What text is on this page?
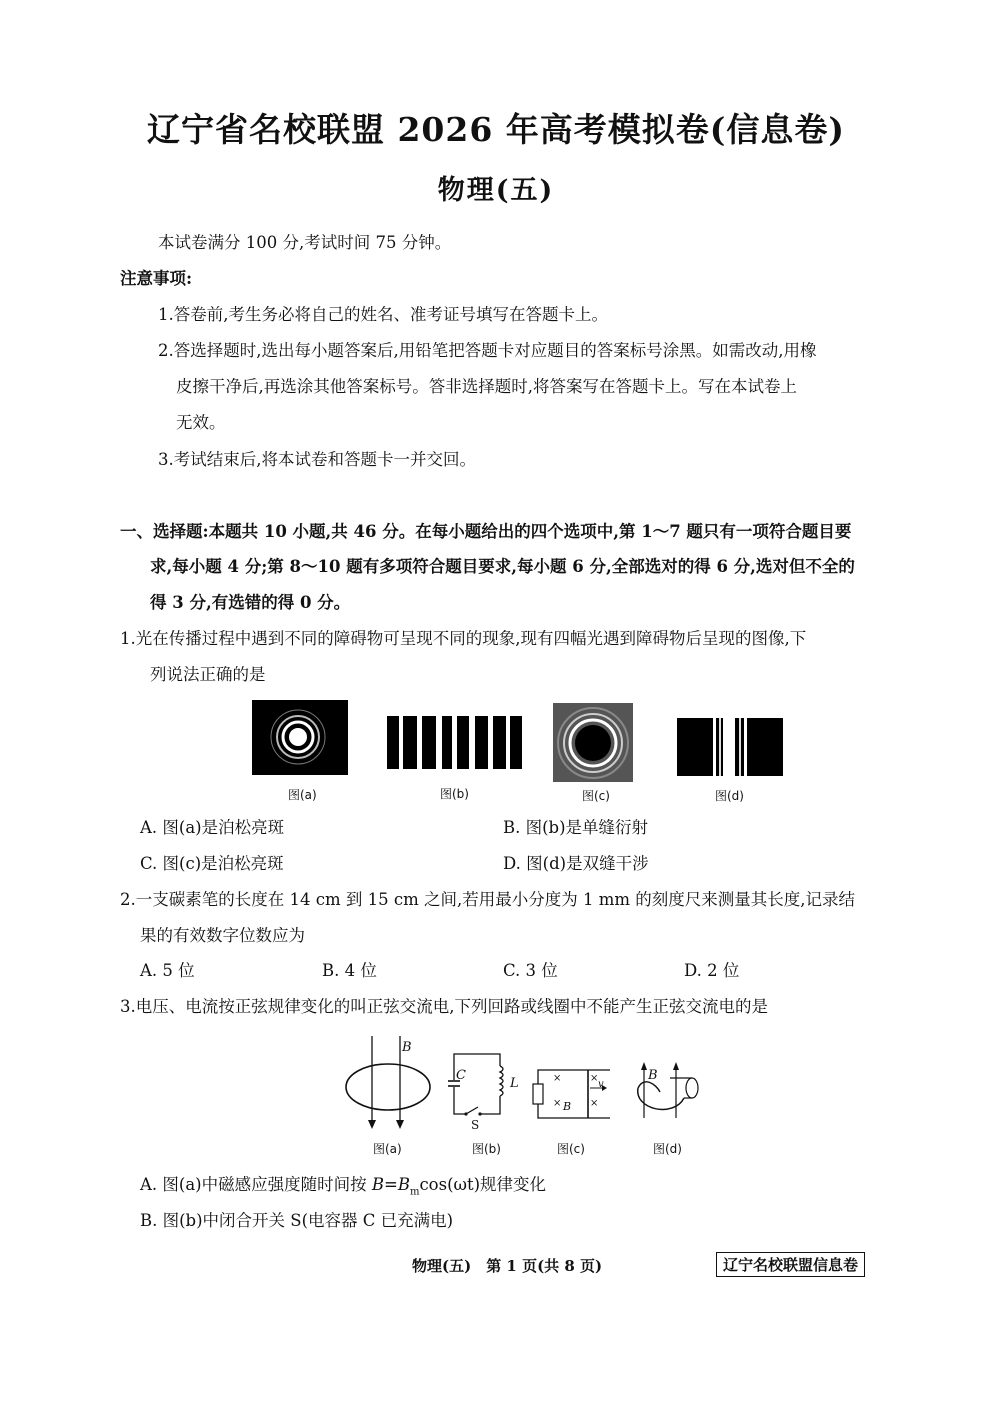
辽宁省名校联盟 2026 年高考模拟卷(信息卷)
物理(五)
本试卷满分 100 分,考试时间 75 分钟。
注意事项:
1.答卷前,考生务必将自己的姓名、准考证号填写在答题卡上。
2.答选择题时,选出每小题答案后,用铅笔把答题卡对应题目的答案标号涂黑。如需改动,用橡
皮擦干净后,再选涂其他答案标号。答非选择题时,将答案写在答题卡上。写在本试卷上
无效。
3.考试结束后,将本试卷和答题卡一并交回。
一、选择题:本题共 10 小题,共 46 分。在每小题给出的四个选项中,第 1～7 题只有一项符合题目要
求,每小题 4 分;第 8～10 题有多项符合题目要求,每小题 6 分,全部选对的得 6 分,选对但不全的
得 3 分,有选错的得 0 分。
1.光在传播过程中遇到不同的障碍物可呈现不同的现象,现有四幅光遇到障碍物后呈现的图像,下
列说法正确的是
图(a)	图(b)	图(c)	图(d)
A. 图(a)是泊松亮斑	B. 图(b)是单缝衍射
C. 图(c)是泊松亮斑	D. 图(d)是双缝干涉
2.一支碳素笔的长度在 14 cm 到 15 cm 之间,若用最小分度为 1 mm 的刻度尺来测量其长度,记录结
果的有效数字位数应为
A. 5 位	B. 4 位	C. 3 位	D. 2 位
3.电压、电流按正弦规律变化的叫正弦交流电,下列回路或线圈中不能产生正弦交流电的是
B
图(a)
C
L
S
图(b)
×	×
×	×
B
v
图(c)
B
图(d)
A. 图(a)中磁感应强度随时间按 $B=B_m\cos(\omega t)$规律变化
B. 图(b)中闭合开关 S(电容器 C 已充满电)
物理(五)　第 1 页(共 8 页)	辽宁名校联盟信息卷
